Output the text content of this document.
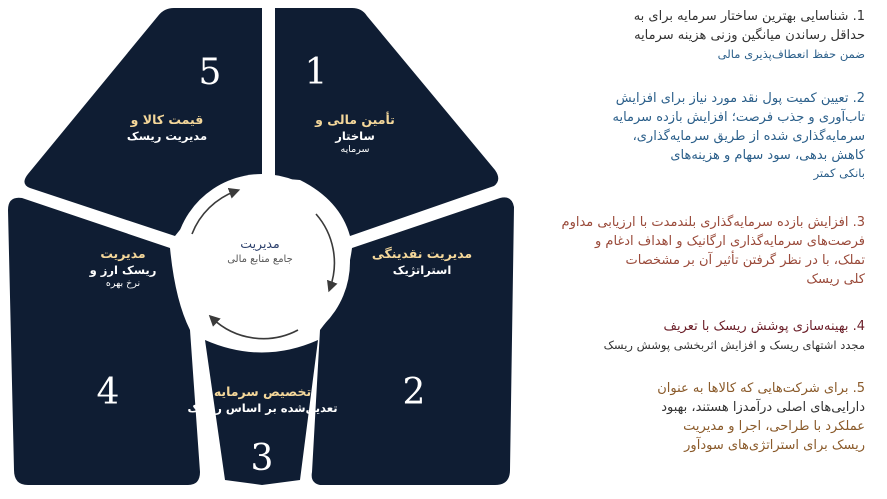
1
2
3
4
5
تأمین مالی و
ساختار
سرمایه
مدیریت نقدینگی
استراتژیک
تخصیص سرمایه
تعدیل‌شده بر اساس ریسک
مدیریت
ریسک ارز و
نرخ بهره
قیمت کالا و
مدیریت ریسک
مدیریت
جامع منابع مالی
1. شناسایی بهترین ساختار سرمایه برای به
حداقل رساندن میانگین وزنی هزینه سرمایه
ضمن حفظ انعطاف‌پذیری مالی
2. تعیین کمیت پول نقد مورد نیاز برای افزایش
تاب‌آوری و جذب فرصت؛ افزایش بازده سرمایه
سرمایه‌گذاری شده از طریق سرمایه‌گذاری،
کاهش بدهی، سود سهام و هزینه‌های
بانکی کمتر
3. افزایش بازده سرمایه‌گذاری بلندمدت با ارزیابی مداوم
فرصت‌های سرمایه‌گذاری ارگانیک و اهداف ادغام و
تملک، با در نظر گرفتن تأثیر آن بر مشخصات
کلی ریسک
4. بهینه‌سازی پوشش ریسک با تعریف
مجدد اشتهای ریسک و افزایش اثربخشی پوشش ریسک
5. برای شرکت‌هایی که کالاها به عنوان
دارایی‌های اصلی درآمدزا هستند، بهبود
عملکرد با طراحی، اجرا و مدیریت
ریسک برای استراتژی‌های سودآور
